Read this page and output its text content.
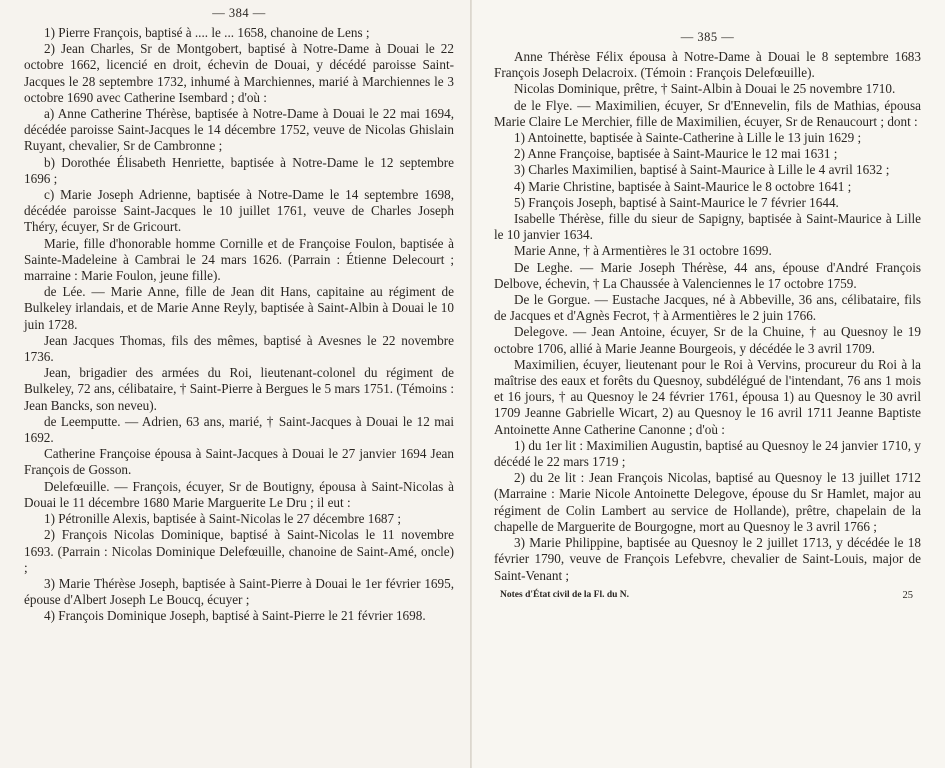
— 384 —

1) Pierre François, baptisé à .... le ... 1658, chanoine de Lens ;

2) Jean Charles, Sr de Montgobert, baptisé à Notre-Dame à Douai le 22 octobre 1662, licencié en droit, échevin de Douai, y décédé paroisse Saint-Jacques le 28 septembre 1732, inhumé à Marchiennes, marié à Marchiennes le 3 octobre 1690 avec Catherine Isembard ; d'où :

a) Anne Catherine Thérèse, baptisée à Notre-Dame à Douai le 22 mai 1694, décédée paroisse Saint-Jacques le 14 décembre 1752, veuve de Nicolas Ghislain Ruyant, chevalier, Sr de Cambronne ;

b) Dorothée Élisabeth Henriette, baptisée à Notre-Dame le 12 septembre 1696 ;

c) Marie Joseph Adrienne, baptisée à Notre-Dame le 14 septembre 1698, décédée paroisse Saint-Jacques le 10 juillet 1761, veuve de Charles Joseph Théry, écuyer, Sr de Gricourt.

Marie, fille d'honorable homme Cornille et de Françoise Foulon, baptisée à Sainte-Madeleine à Cambrai le 24 mars 1626. (Parrain : Étienne Delecourt ; marraine : Marie Foulon, jeune fille).

de Lée. — Marie Anne, fille de Jean dit Hans, capitaine au régiment de Bulkeley irlandais, et de Marie Anne Reyly, baptisée à Saint-Albin à Douai le 10 juin 1728.

Jean Jacques Thomas, fils des mêmes, baptisé à Avesnes le 22 novembre 1736.

Jean, brigadier des armées du Roi, lieutenant-colonel du régiment de Bulkeley, 72 ans, célibataire, † Saint-Pierre à Bergues le 5 mars 1751. (Témoins : Jean Bancks, son neveu).

de Leemputte. — Adrien, 63 ans, marié, † Saint-Jacques à Douai le 12 mai 1692.

Catherine Françoise épousa à Saint-Jacques à Douai le 27 janvier 1694 Jean François de Gosson.

Delefœuille. — François, écuyer, Sr de Boutigny, épousa à Saint-Nicolas à Douai le 11 décembre 1680 Marie Marguerite Le Dru ; il eut :

1) Pétronille Alexis, baptisée à Saint-Nicolas le 27 décembre 1687 ;

2) François Nicolas Dominique, baptisé à Saint-Nicolas le 11 novembre 1693. (Parrain : Nicolas Dominique Delefœuille, chanoine de Saint-Amé, oncle) ;

3) Marie Thérèse Joseph, baptisée à Saint-Pierre à Douai le 1er février 1695, épouse d'Albert Joseph Le Boucq, écuyer ;

4) François Dominique Joseph, baptisé à Saint-Pierre le 21 février 1698.

— 385 —

Anne Thérèse Félix épousa à Notre-Dame à Douai le 8 septembre 1683 François Joseph Delacroix. (Témoin : François Delefœuille).

Nicolas Dominique, prêtre, † Saint-Albin à Douai le 25 novembre 1710.

de le Flye. — Maximilien, écuyer, Sr d'Ennevelin, fils de Mathias, épousa Marie Claire Le Merchier, fille de Maximilien, écuyer, Sr de Renaucourt ; dont :

1) Antoinette, baptisée à Sainte-Catherine à Lille le 13 juin 1629 ;

2) Anne Françoise, baptisée à Saint-Maurice le 12 mai 1631 ;

3) Charles Maximilien, baptisé à Saint-Maurice à Lille le 4 avril 1632 ;

4) Marie Christine, baptisée à Saint-Maurice le 8 octobre 1641 ;

5) François Joseph, baptisé à Saint-Maurice le 7 février 1644.

Isabelle Thérèse, fille du sieur de Sapigny, baptisée à Saint-Maurice à Lille le 10 janvier 1634.

Marie Anne, † à Armentières le 31 octobre 1699.

De Leghe. — Marie Joseph Thérèse, 44 ans, épouse d'André François Delbove, échevin, † La Chaussée à Valenciennes le 17 octobre 1759.

De le Gorgue. — Eustache Jacques, né à Abbeville, 36 ans, célibataire, fils de Jacques et d'Agnès Fecrot, † à Armentières le 2 juin 1766.

Delegove. — Jean Antoine, écuyer, Sr de la Chuine, † au Quesnoy le 19 octobre 1706, allié à Marie Jeanne Bourgeois, y décédée le 3 avril 1709.

Maximilien, écuyer, lieutenant pour le Roi à Vervins, procureur du Roi à la maîtrise des eaux et forêts du Quesnoy, subdélégué de l'intendant, 76 ans 1 mois et 16 jours, † au Quesnoy le 24 février 1761, épousa 1) au Quesnoy le 30 avril 1709 Jeanne Gabrielle Wicart, 2) au Quesnoy le 16 avril 1711 Jeanne Baptiste Antoinette Anne Catherine Canonne ; d'où :

1) du 1er lit : Maximilien Augustin, baptisé au Quesnoy le 24 janvier 1710, y décédé le 22 mars 1719 ;

2) du 2e lit : Jean François Nicolas, baptisé au Quesnoy le 13 juillet 1712 (Marraine : Marie Nicole Antoinette Delegove, épouse du Sr Hamlet, major au régiment de Colin Lambert au service de Hollande), prêtre, chapelain de la chapelle de Marguerite de Bourgogne, mort au Quesnoy le 3 avril 1766 ;

3) Marie Philippine, baptisée au Quesnoy le 2 juillet 1713, y décédée le 18 février 1790, veuve de François Lefebvre, chevalier de Saint-Louis, major de Saint-Venant ;

Notes d'État civil de la Fl. du N.	25
